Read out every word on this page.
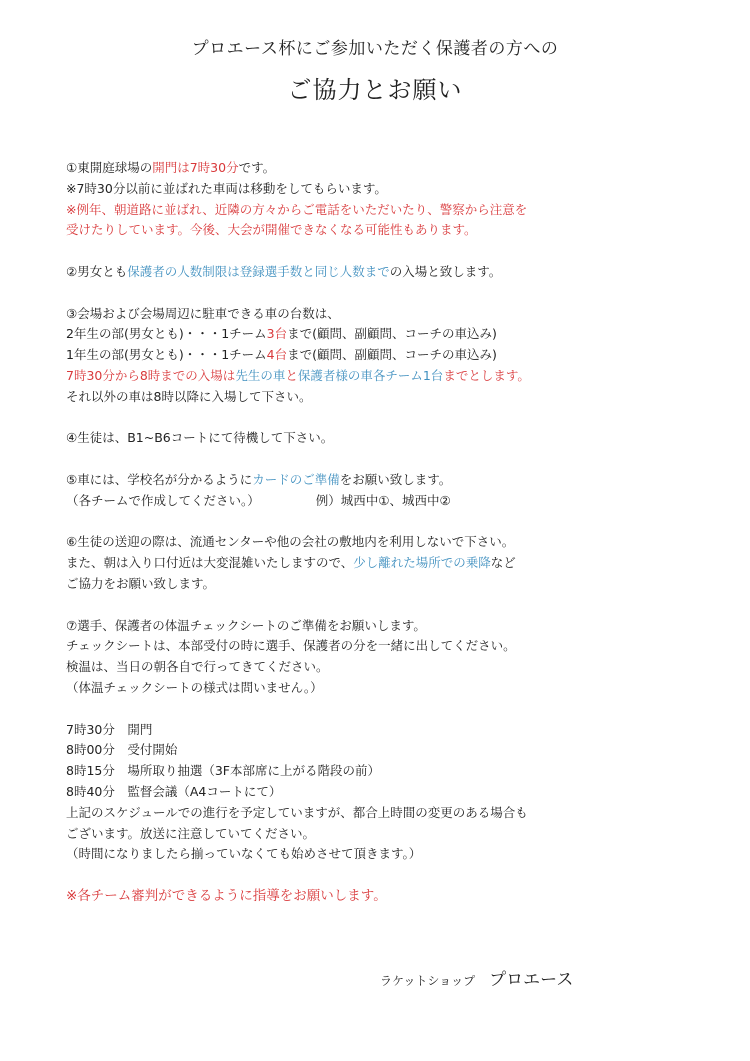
プロエース杯にご参加いただく保護者の方への
ご協力とお願い
①東開庭球場の開門は7時30分です。
※7時30分以前に並ばれた車両は移動をしてもらいます。
※例年、朝道路に並ばれ、近隣の方々からご電話をいただいたり、警察から注意を
受けたりしています。今後、大会が開催できなくなる可能性もあります。
②男女とも保護者の人数制限は登録選手数と同じ人数までの入場と致します。
③会場および会場周辺に駐車できる車の台数は、
2年生の部(男女とも)・・・1チーム3台まで(顧問、副顧問、コーチの車込み)
1年生の部(男女とも)・・・1チーム4台まで(顧問、副顧問、コーチの車込み)
7時30分から8時までの入場は先生の車と保護者様の車各チーム1台までとします。
それ以外の車は8時以降に入場して下さい。
④生徒は、B1~B6コートにて待機して下さい。
⑤車には、学校名が分かるようにカードのご準備をお願い致します。
（各チームで作成してください。）	例）城西中①、城西中②
⑥生徒の送迎の際は、流通センターや他の会社の敷地内を利用しないで下さい。
また、朝は入り口付近は大変混雑いたしますので、少し離れた場所での乗降など
ご協力をお願い致します。
⑦選手、保護者の体温チェックシートのご準備をお願いします。
チェックシートは、本部受付の時に選手、保護者の分を一緒に出してください。
検温は、当日の朝各自で行ってきてください。
（体温チェックシートの様式は問いません。）
7時30分　開門
8時00分　受付開始
8時15分　場所取り抽選（3F本部席に上がる階段の前）
8時40分　監督会議（A4コートにて）
上記のスケジュールでの進行を予定していますが、都合上時間の変更のある場合も
ございます。放送に注意していてください。
（時間になりましたら揃っていなくても始めさせて頂きます。）
※各チーム審判ができるように指導をお願いします。
ラケットショップ プロエース
